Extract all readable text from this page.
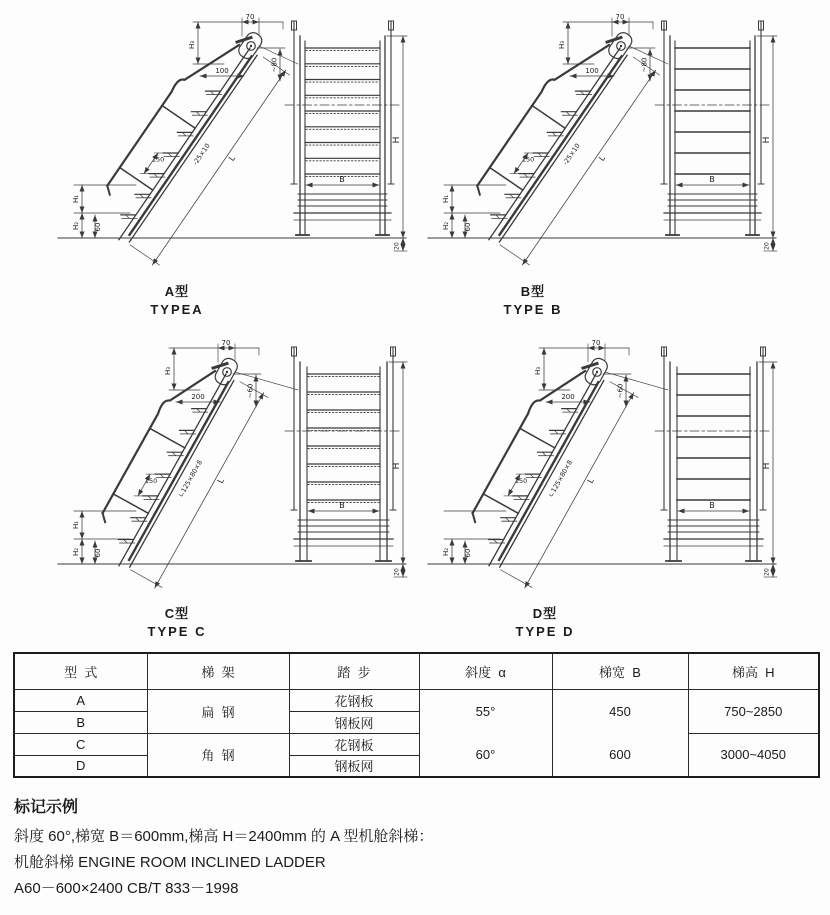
70
H₃
100	~80
L
-25×10
150
H₁
H₂ 60
B
H
20
70
H₃
100	~80
L
-25×10
150
H₁
H₂ 60
B
H
20
70
H₃
200	~60
L
∟125×80×8
150
H₁
H₂ 60
B
H
20
70
H₃
200	~60
L
∟125×80×8
150
H₂ 60
B
H
20
A型
TYPEA
B型
TYPE B
C型
TYPE C
D型
TYPE D
型  式	梯  架	踏  步	斜度  α	梯宽  B	梯高  H
A	扁  钢	花钢板	55°	450	750~2850
B		钢板网			
C	角  钢	花钢板	60°	600	3000~4050
D		钢板网			

标记示例

斜度 60°,梯宽 B＝600mm,梯高 H＝2400mm 的 A 型机舱斜梯：

机舱斜梯 ENGINE ROOM INCLINED LADDER

A60－600×2400 CB/T 833－1998
